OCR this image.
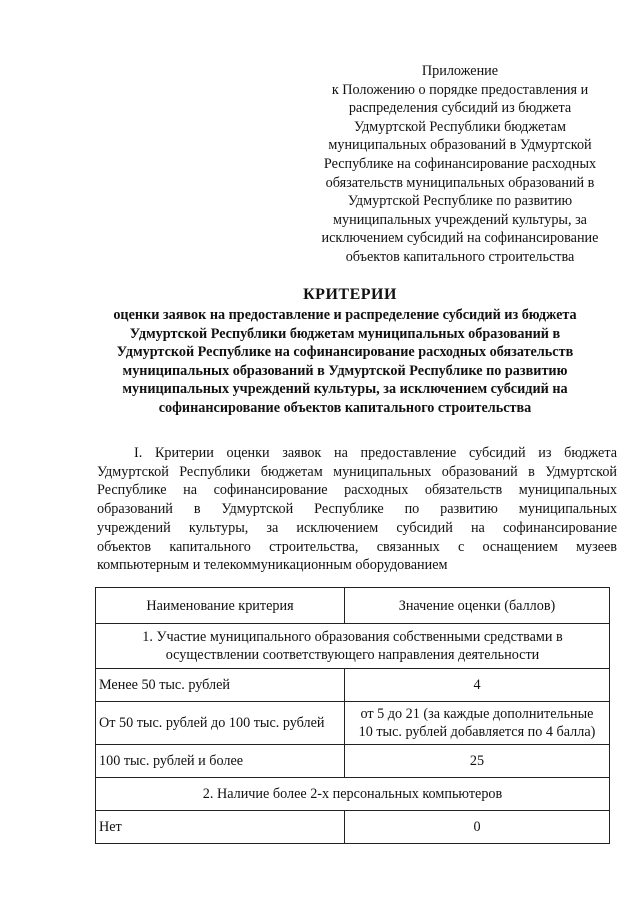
Приложение
к Положению о порядке предоставления и
распределения субсидий из бюджета
Удмуртской Республики бюджетам
муниципальных образований в Удмуртской
Республике на софинансирование расходных
обязательств муниципальных образований в
Удмуртской Республике по развитию
муниципальных учреждений культуры, за
исключением субсидий на софинансирование
объектов капитального строительства
КРИТЕРИИ
оценки заявок на предоставление и распределение субсидий из бюджета
Удмуртской Республики бюджетам муниципальных образований в
Удмуртской Республике на софинансирование расходных обязательств
муниципальных образований в Удмуртской Республике по развитию
муниципальных учреждений культуры, за исключением субсидий на
софинансирование объектов капитального строительства
I. Критерии оценки заявок на предоставление субсидий из бюджета
Удмуртской Республики бюджетам муниципальных образований в Удмуртской
Республике на софинансирование расходных обязательств муниципальных
образований в Удмуртской Республике по развитию муниципальных
учреждений культуры, за исключением субсидий на софинансирование
объектов капитального строительства, связанных с оснащением музеев
компьютерным и телекоммуникационным оборудованием
Наименование критерия	Значение оценки (баллов)

1. Участие муниципального образования собственными средствами в
осуществлении соответствующего направления деятельности	

Менее 50 тыс. рублей	4
От 50 тыс. рублей до 100 тыс. рублей	от 5 до 21 (за каждые дополнительные
10 тыс. рублей добавляется по 4 балла)

100 тыс. рублей и более	25
2. Наличие более 2-х персональных компьютеров	
Нет	0
